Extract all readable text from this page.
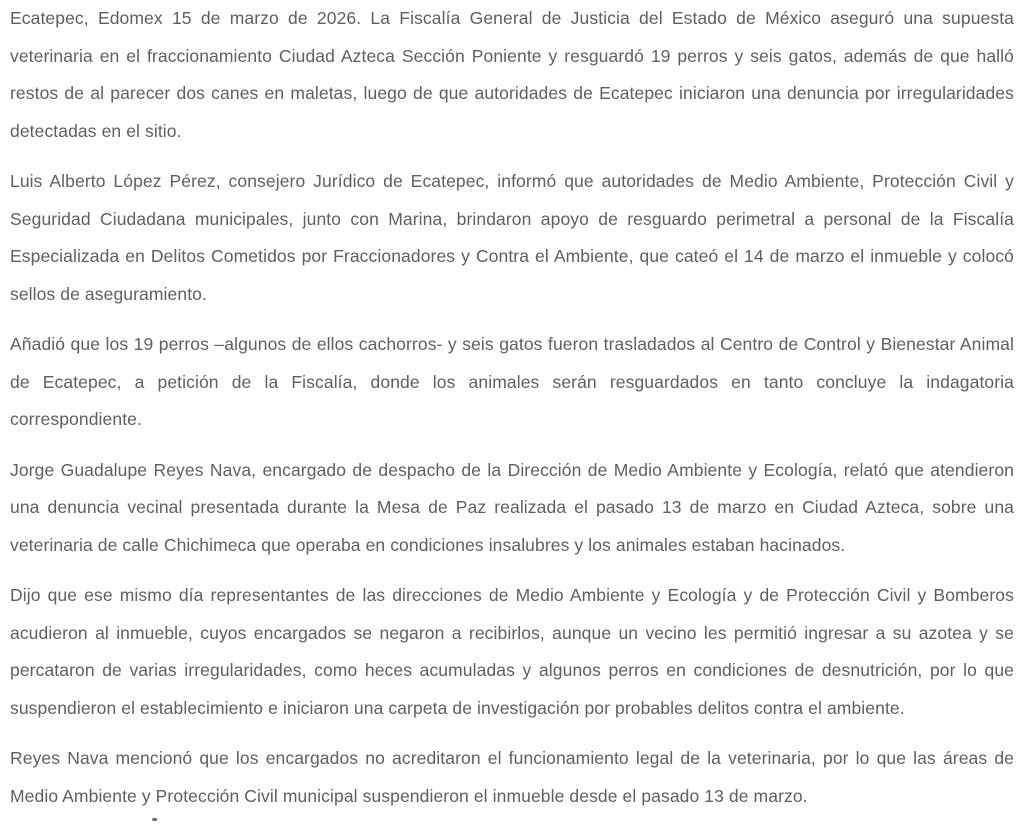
Ecatepec, Edomex 15 de marzo de 2026. La Fiscalía General de Justicia del Estado de México aseguró una supuesta veterinaria en el fraccionamiento Ciudad Azteca Sección Poniente y resguardó 19 perros y seis gatos, además de que halló restos de al parecer dos canes en maletas, luego de que autoridades de Ecatepec iniciaron una denuncia por irregularidades detectadas en el sitio.

Luis Alberto López Pérez, consejero Jurídico de Ecatepec, informó que autoridades de Medio Ambiente, Protección Civil y Seguridad Ciudadana municipales, junto con Marina, brindaron apoyo de resguardo perimetral a personal de la Fiscalía Especializada en Delitos Cometidos por Fraccionadores y Contra el Ambiente, que cateó el 14 de marzo el inmueble y colocó sellos de aseguramiento.

Añadió que los 19 perros –algunos de ellos cachorros- y seis gatos fueron trasladados al Centro de Control y Bienestar Animal de Ecatepec, a petición de la Fiscalía, donde los animales serán resguardados en tanto concluye la indagatoria correspondiente.

Jorge Guadalupe Reyes Nava, encargado de despacho de la Dirección de Medio Ambiente y Ecología, relató que atendieron una denuncia vecinal presentada durante la Mesa de Paz realizada el pasado 13 de marzo en Ciudad Azteca, sobre una veterinaria de calle Chichimeca que operaba en condiciones insalubres y los animales estaban hacinados.

Dijo que ese mismo día representantes de las direcciones de Medio Ambiente y Ecología y de Protección Civil y Bomberos acudieron al inmueble, cuyos encargados se negaron a recibirlos, aunque un vecino les permitió ingresar a su azotea y se percataron de varias irregularidades, como heces acumuladas y algunos perros en condiciones de desnutrición, por lo que suspendieron el establecimiento e iniciaron una carpeta de investigación por probables delitos contra el ambiente.

Reyes Nava mencionó que los encargados no acreditaron el funcionamiento legal de la veterinaria, por lo que las áreas de Medio Ambiente y Protección Civil municipal suspendieron el inmueble desde el pasado 13 de marzo.
